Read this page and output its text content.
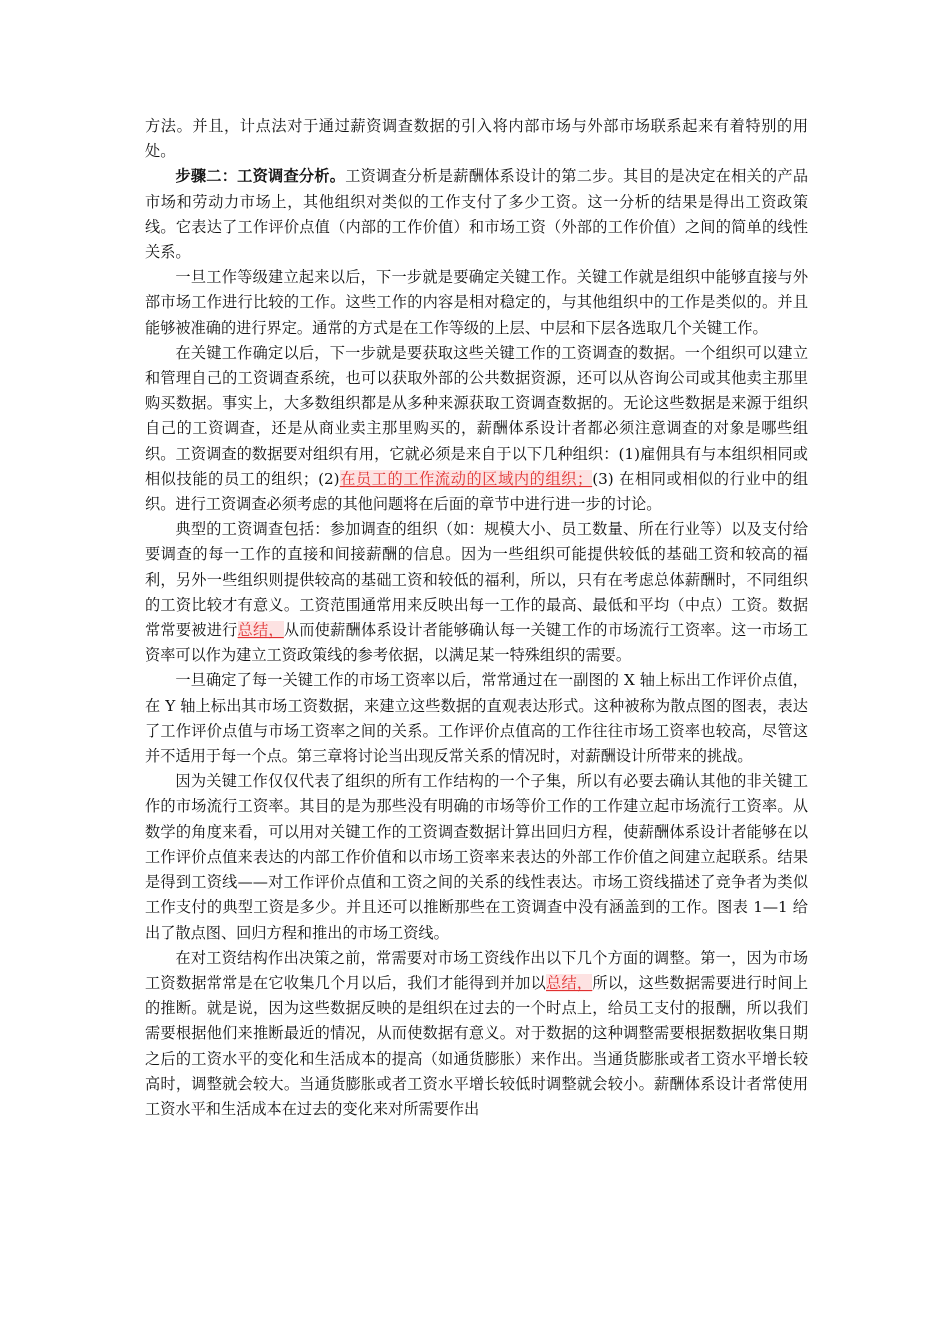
方法。并且，计点法对于通过薪资调查数据的引入将内部市场与外部市场联系起来有着特别的用处。

步骤二：工资调查分析。工资调查分析是薪酬体系设计的第二步。其目的是决定在相关的产品市场和劳动力市场上，其他组织对类似的工作支付了多少工资。这一分析的结果是得出工资政策线。它表达了工作评价点值（内部的工作价值）和市场工资（外部的工作价值）之间的简单的线性关系。

一旦工作等级建立起来以后，下一步就是要确定关键工作。关键工作就是组织中能够直接与外部市场工作进行比较的工作。这些工作的内容是相对稳定的，与其他组织中的工作是类似的。并且能够被准确的进行界定。通常的方式是在工作等级的上层、中层和下层各选取几个关键工作。

在关键工作确定以后，下一步就是要获取这些关键工作的工资调查的数据。一个组织可以建立和管理自己的工资调查系统，也可以获取外部的公共数据资源，还可以从咨询公司或其他卖主那里购买数据。事实上，大多数组织都是从多种来源获取工资调查数据的。无论这些数据是来源于组织自己的工资调查，还是从商业卖主那里购买的，薪酬体系设计者都必须注意调查的对象是哪些组织。工资调查的数据要对组织有用，它就必须是来自于以下几种组织：(1)雇佣具有与本组织相同或相似技能的员工的组织；(2)在员工的工作流动的区域内的组织；(3) 在相同或相似的行业中的组织。进行工资调查必须考虑的其他问题将在后面的章节中进行进一步的讨论。

典型的工资调查包括：参加调查的组织（如：规模大小、员工数量、所在行业等）以及支付给要调查的每一工作的直接和间接薪酬的信息。因为一些组织可能提供较低的基础工资和较高的福利，另外一些组织则提供较高的基础工资和较低的福利，所以，只有在考虑总体薪酬时，不同组织的工资比较才有意义。工资范围通常用来反映出每一工作的最高、最低和平均（中点）工资。数据常常要被进行总结，从而使薪酬体系设计者能够确认每一关键工作的市场流行工资率。这一市场工资率可以作为建立工资政策线的参考依据，以满足某一特殊组织的需要。

一旦确定了每一关键工作的市场工资率以后，常常通过在一副图的 X 轴上标出工作评价点值，在 Y 轴上标出其市场工资数据，来建立这些数据的直观表达形式。这种被称为散点图的图表，表达了工作评价点值与市场工资率之间的关系。工作评价点值高的工作往往市场工资率也较高，尽管这并不适用于每一个点。第三章将讨论当出现反常关系的情况时，对薪酬设计所带来的挑战。

因为关键工作仅仅代表了组织的所有工作结构的一个子集，所以有必要去确认其他的非关键工作的市场流行工资率。其目的是为那些没有明确的市场等价工作的工作建立起市场流行工资率。从数学的角度来看，可以用对关键工作的工资调查数据计算出回归方程，使薪酬体系设计者能够在以工作评价点值来表达的内部工作价值和以市场工资率来表达的外部工作价值之间建立起联系。结果是得到工资线——对工作评价点值和工资之间的关系的线性表达。市场工资线描述了竞争者为类似工作支付的典型工资是多少。并且还可以推断那些在工资调查中没有涵盖到的工作。图表 1—1 给出了散点图、回归方程和推出的市场工资线。

在对工资结构作出决策之前，常需要对市场工资线作出以下几个方面的调整。第一，因为市场工资数据常常是在它收集几个月以后，我们才能得到并加以总结，所以，这些数据需要进行时间上的推断。就是说，因为这些数据反映的是组织在过去的一个时点上，给员工支付的报酬，所以我们需要根据他们来推断最近的情况，从而使数据有意义。对于数据的这种调整需要根据数据收集日期之后的工资水平的变化和生活成本的提高（如通货膨胀）来作出。当通货膨胀或者工资水平增长较高时，调整就会较大。当通货膨胀或者工资水平增长较低时调整就会较小。薪酬体系设计者常使用工资水平和生活成本在过去的变化来对所需要作出
